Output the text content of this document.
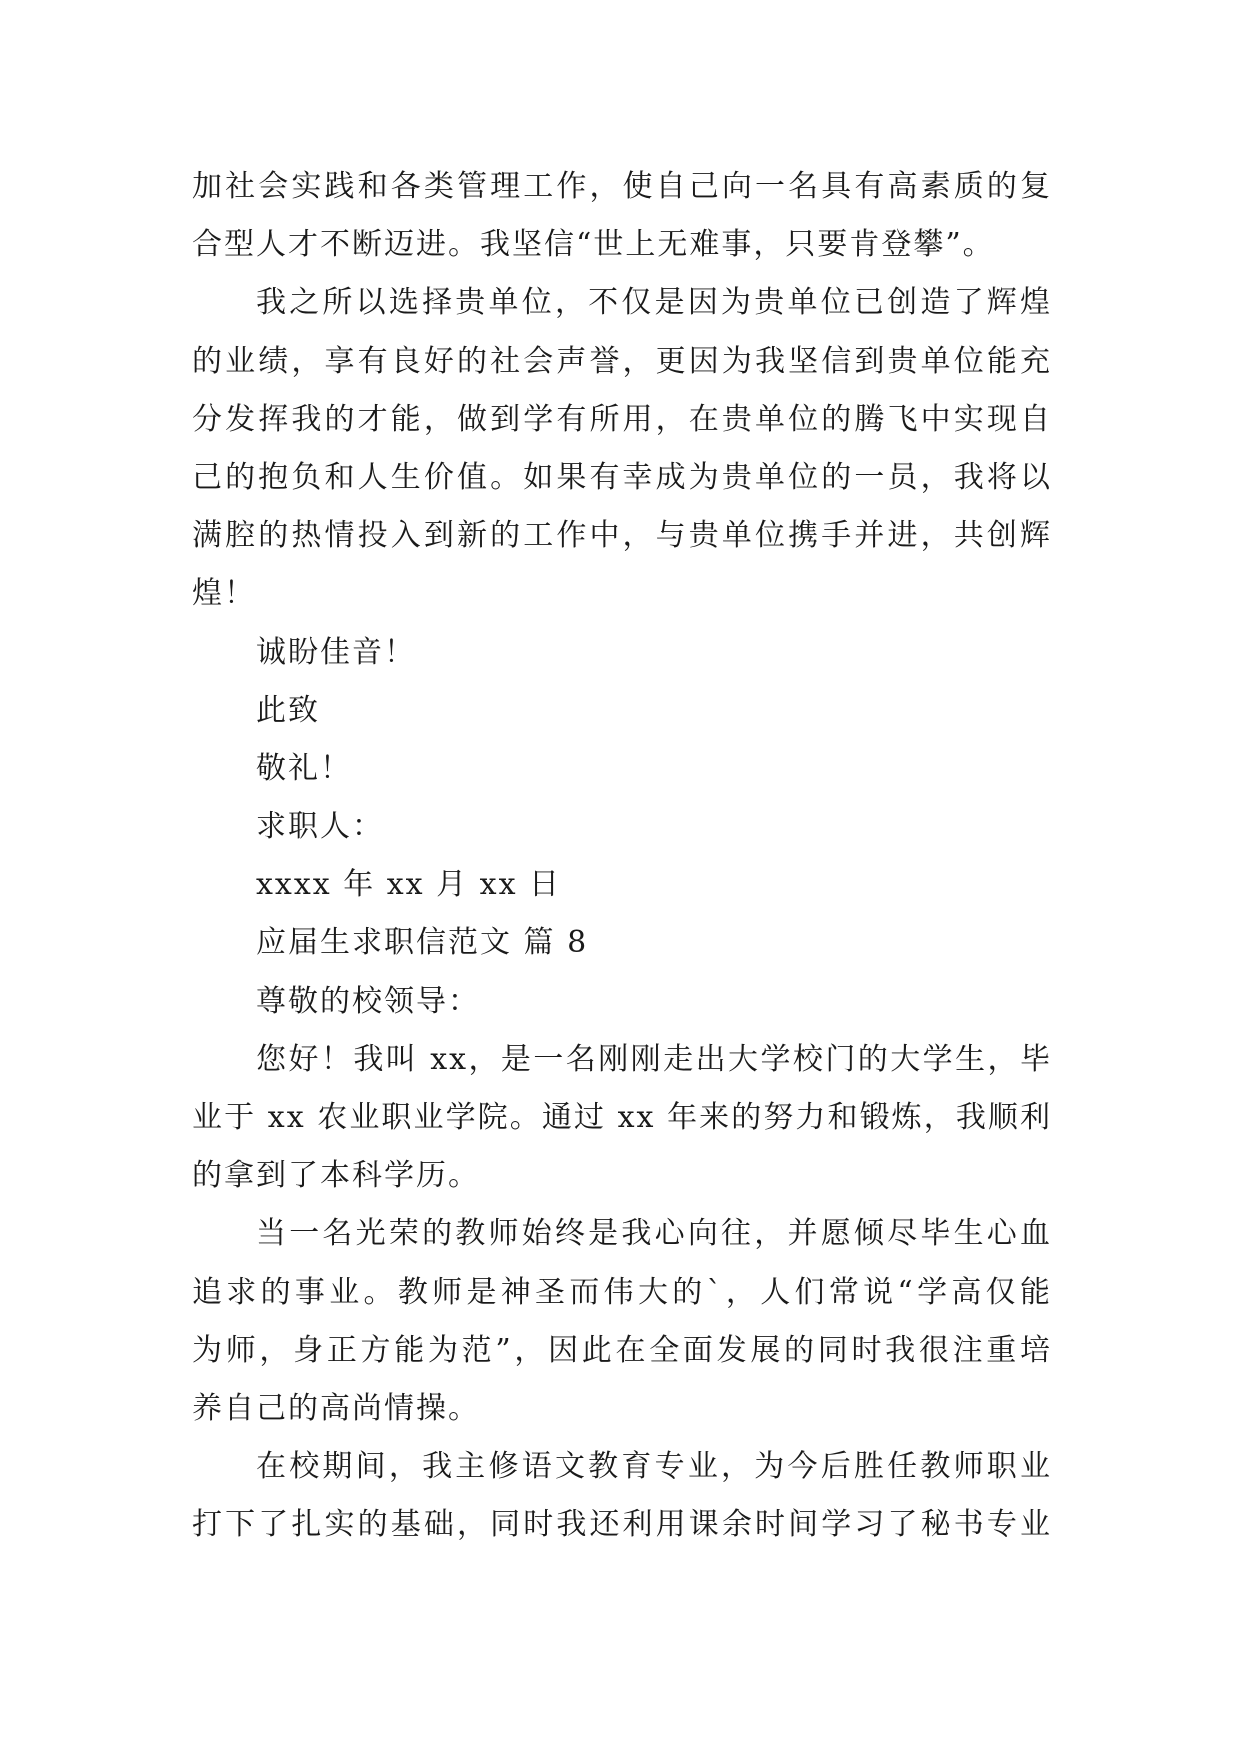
加社会实践和各类管理工作，使自己向一名具有高素质的复
合型人才不断迈进。我坚信“世上无难事，只要肯登攀”。
我之所以选择贵单位，不仅是因为贵单位已创造了辉煌
的业绩，享有良好的社会声誉，更因为我坚信到贵单位能充
分发挥我的才能，做到学有所用，在贵单位的腾飞中实现自
己的抱负和人生价值。如果有幸成为贵单位的一员，我将以
满腔的热情投入到新的工作中，与贵单位携手并进，共创辉
煌！
诚盼佳音！
此致
敬礼！
求职人：
xxxx 年 xx 月 xx 日
应届生求职信范文 篇 8
尊敬的校领导：
您好！我叫 xx，是一名刚刚走出大学校门的大学生，毕
业于 xx 农业职业学院。通过 xx 年来的努力和锻炼，我顺利
的拿到了本科学历。
当一名光荣的教师始终是我心向往，并愿倾尽毕生心血
追求的事业。教师是神圣而伟大的`，人们常说“学高仅能
为师，身正方能为范”，因此在全面发展的同时我很注重培
养自己的高尚情操。
在校期间，我主修语文教育专业，为今后胜任教师职业
打下了扎实的基础，同时我还利用课余时间学习了秘书专业
